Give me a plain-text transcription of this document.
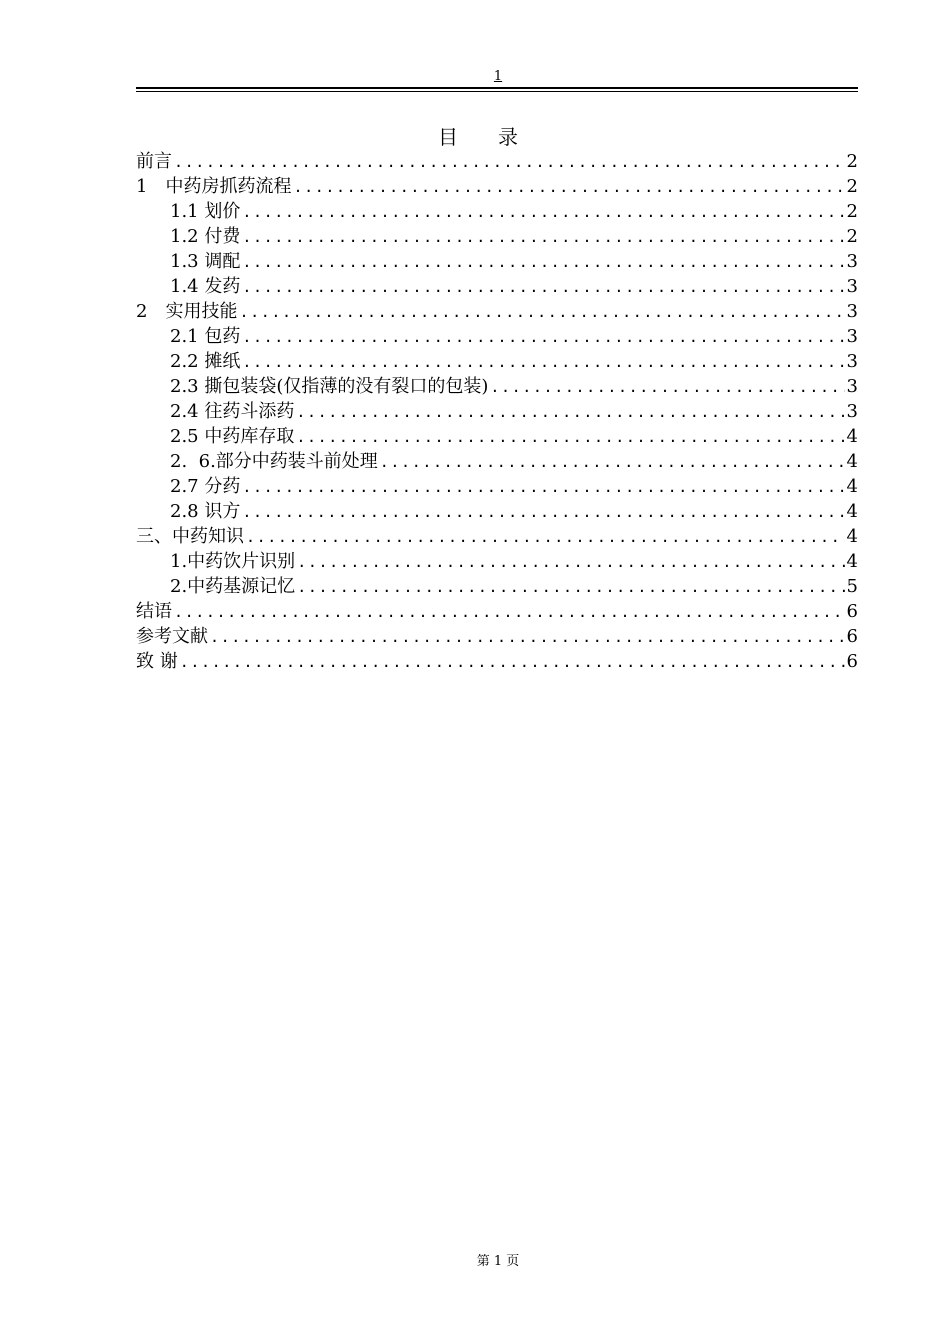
1
目录
前言 .....	2
1　中药房抓药流程 .....	2
1.1 划价 .....	2
1.2 付费 .....	2
1.3 调配 .....	3
1.4 发药 .....	3
2　实用技能 .....	3
2.1 包药 .....	3
2.2 摊纸 .....	3
2.3 撕包装袋(仅指薄的没有裂口的包装) .....	3
2.4 往药斗添药 .....	3
2.5 中药库存取 .....	4
2.  6.部分中药装斗前处理 .....	4
2.7 分药 .....	4
2.8 识方 .....	4
三、中药知识 .....	4
1.中药饮片识别 .....	4
2.中药基源记忆 .....	5
结语 .....	6
参考文献 .....	6
致 谢 .....	6
第 1 页
